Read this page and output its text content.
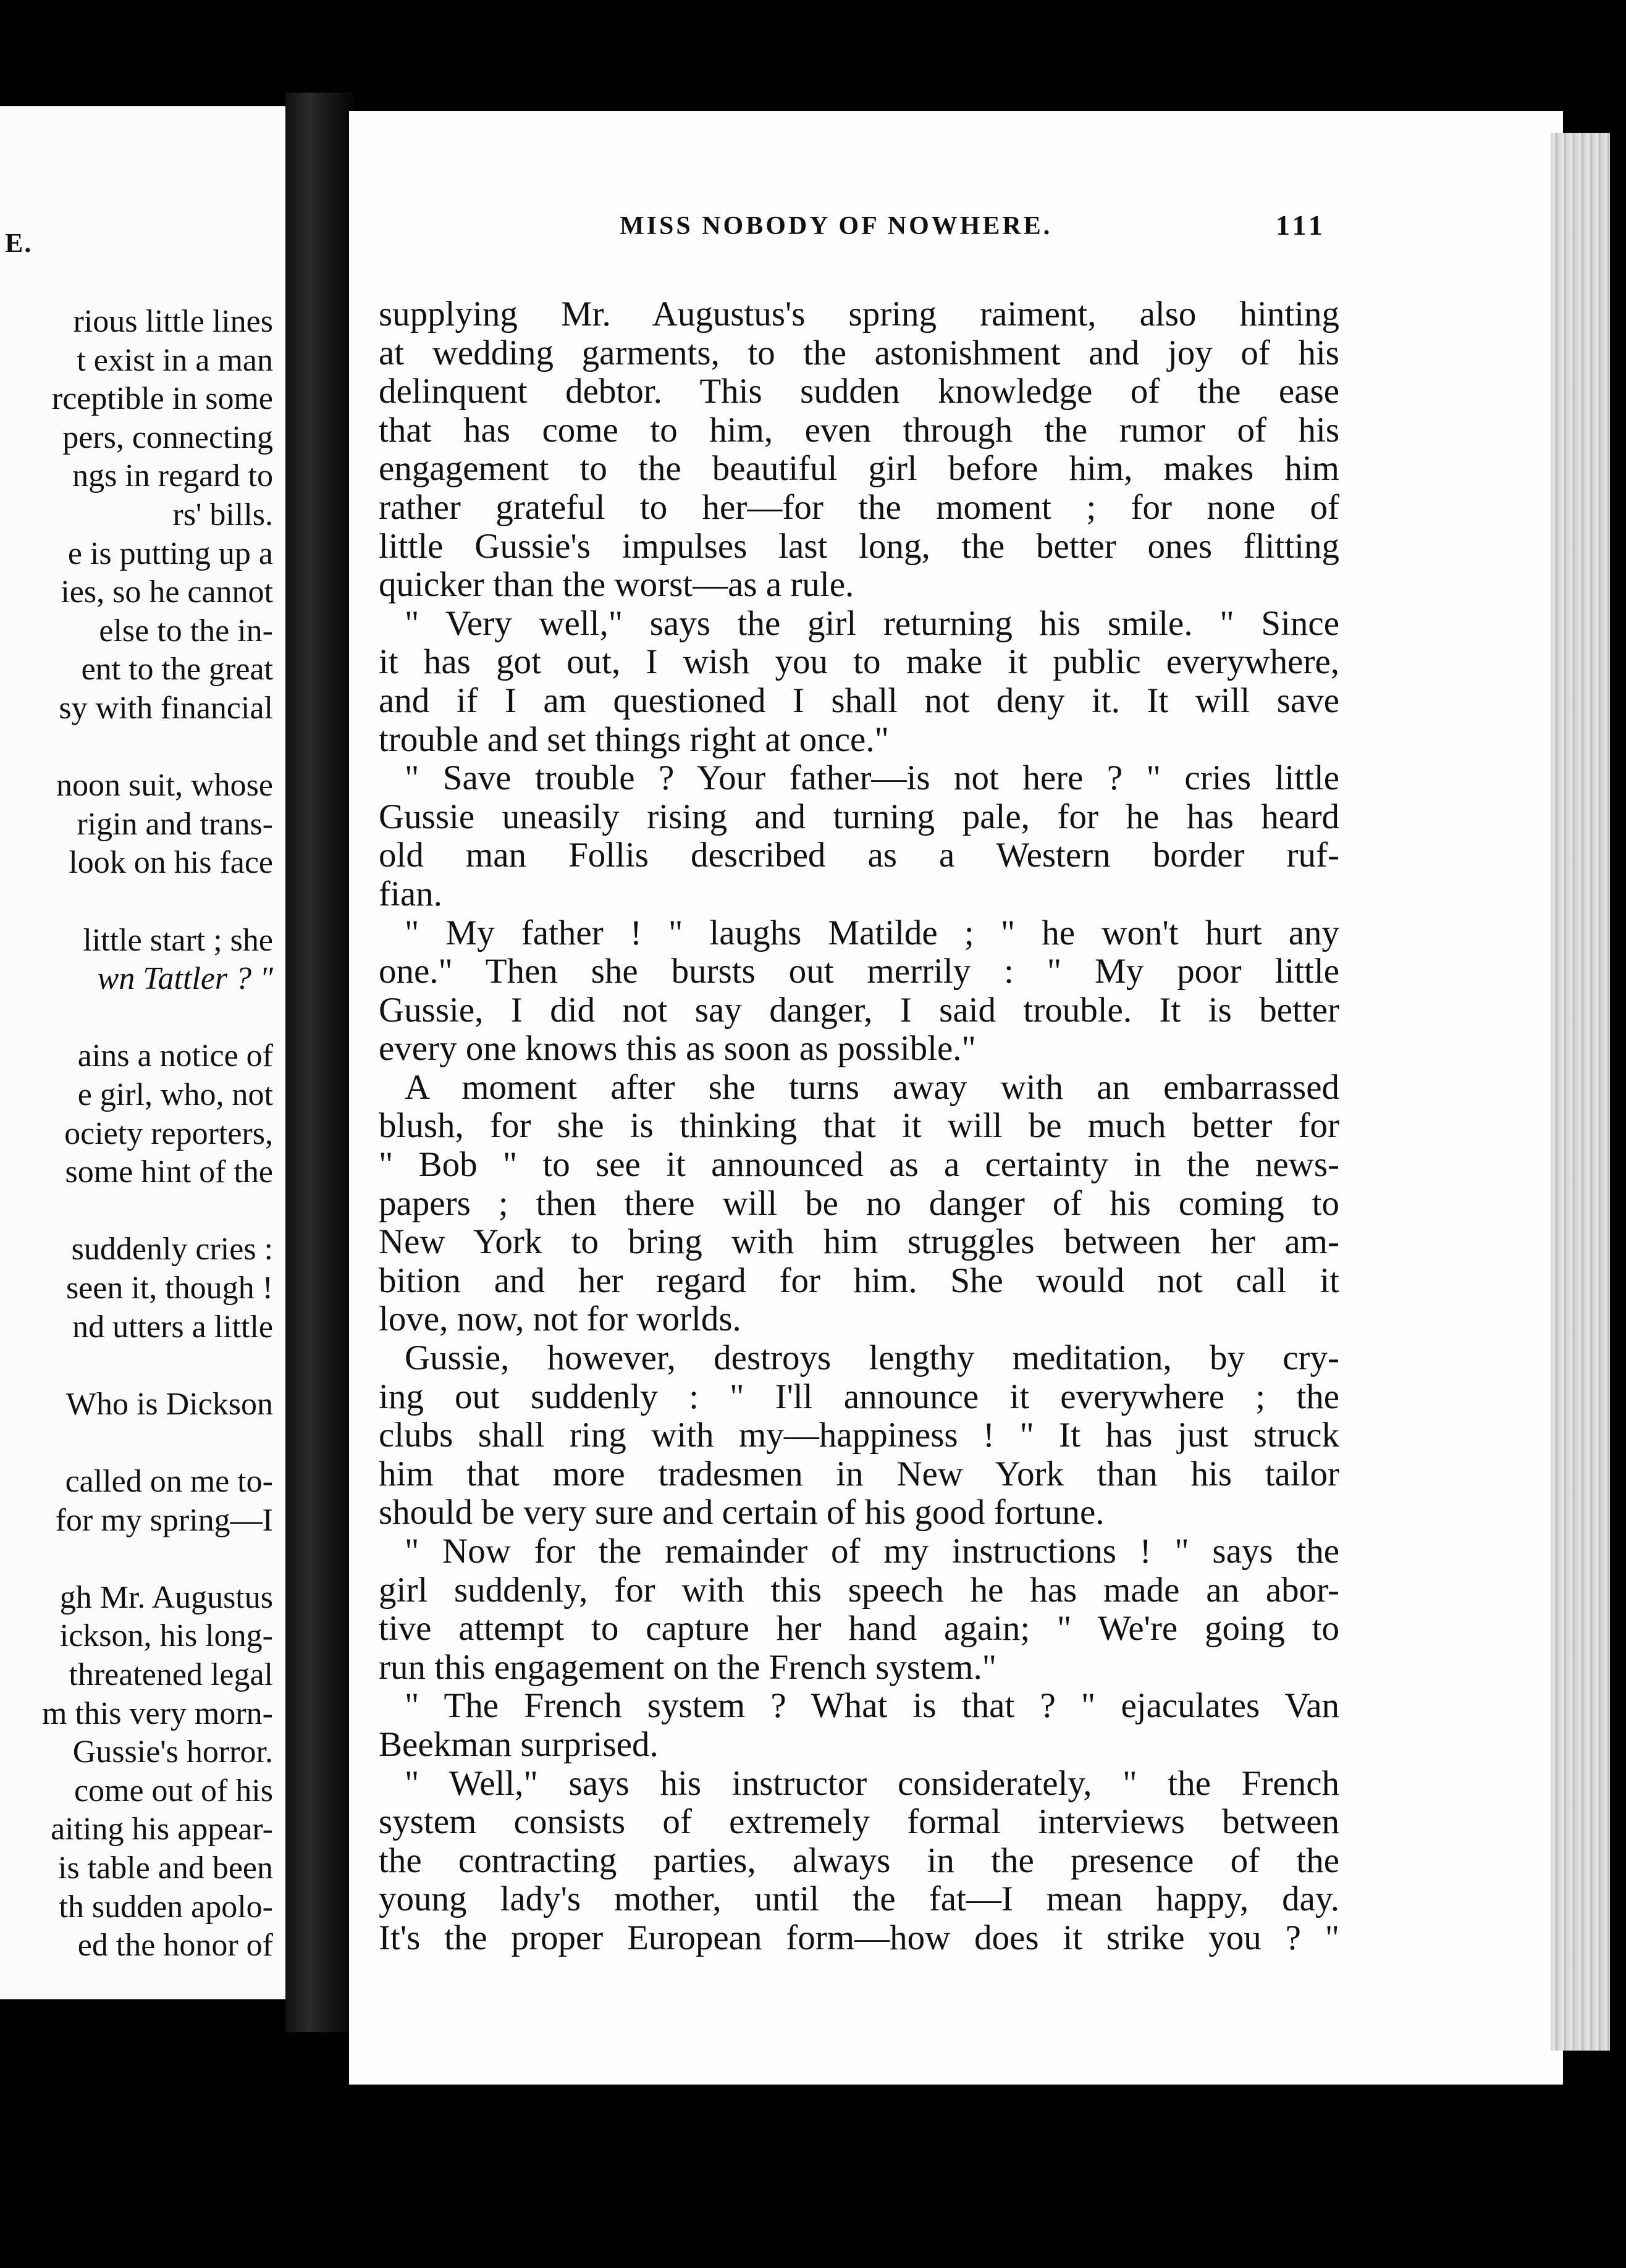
E.
rious little lines
t exist in a man
rceptible in some
pers, connecting
ngs in regard to
rs' bills.
e is putting up a
ies, so he cannot
else to the in-
ent to the great
sy with financial
noon suit, whose
rigin and trans-
look on his face
little start ; she
wn Tattler ? "
ains a notice of
e girl, who, not
ociety reporters,
some hint of the
suddenly cries :
seen it, though !
nd utters a little
Who is Dickson
called on me to-
for my spring—I
gh Mr. Augustus
ickson, his long-
threatened legal
m this very morn-
Gussie's horror.
come out of his
aiting his appear-
is table and been
th sudden apolo-
ed the honor of
MISS NOBODY OF NOWHERE.	111
supplying Mr. Augustus's spring raiment, also hinting
at wedding garments, to the astonishment and joy of his
delinquent debtor. This sudden knowledge of the ease
that has come to him, even through the rumor of his
engagement to the beautiful girl before him, makes him
rather grateful to her—for the moment ; for none of
little Gussie's impulses last long, the better ones flitting
quicker than the worst—as a rule.
" Very well," says the girl returning his smile. " Since
it has got out, I wish you to make it public everywhere,
and if I am questioned I shall not deny it. It will save
trouble and set things right at once."
" Save trouble ? Your father—is not here ? " cries little
Gussie uneasily rising and turning pale, for he has heard
old man Follis described as a Western border ruf-
fian.
" My father ! " laughs Matilde ; " he won't hurt any
one." Then she bursts out merrily : " My poor little
Gussie, I did not say danger, I said trouble. It is better
every one knows this as soon as possible."
A moment after she turns away with an embarrassed
blush, for she is thinking that it will be much better for
" Bob " to see it announced as a certainty in the news-
papers ; then there will be no danger of his coming to
New York to bring with him struggles between her am-
bition and her regard for him. She would not call it
love, now, not for worlds.
Gussie, however, destroys lengthy meditation, by cry-
ing out suddenly : " I'll announce it everywhere ; the
clubs shall ring with my—happiness ! " It has just struck
him that more tradesmen in New York than his tailor
should be very sure and certain of his good fortune.
" Now for the remainder of my instructions ! " says the
girl suddenly, for with this speech he has made an abor-
tive attempt to capture her hand again; " We're going to
run this engagement on the French system."
" The French system ? What is that ? " ejaculates Van
Beekman surprised.
" Well," says his instructor considerately, " the French
system consists of extremely formal interviews between
the contracting parties, always in the presence of the
young lady's mother, until the fat—I mean happy, day.
It's the proper European form—how does it strike you ? "
